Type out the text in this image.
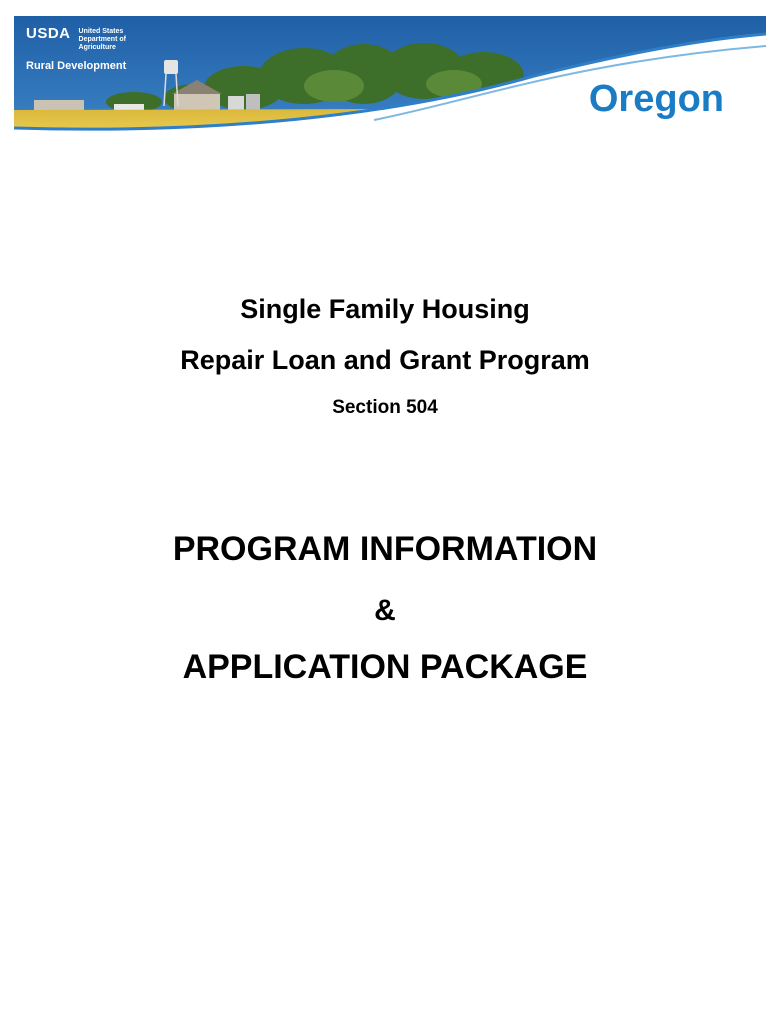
USDA United States
Department of
Agriculture
Rural Development
Oregon
Single Family Housing
Repair Loan and Grant Program
Section 504
PROGRAM INFORMATION
&
APPLICATION PACKAGE
